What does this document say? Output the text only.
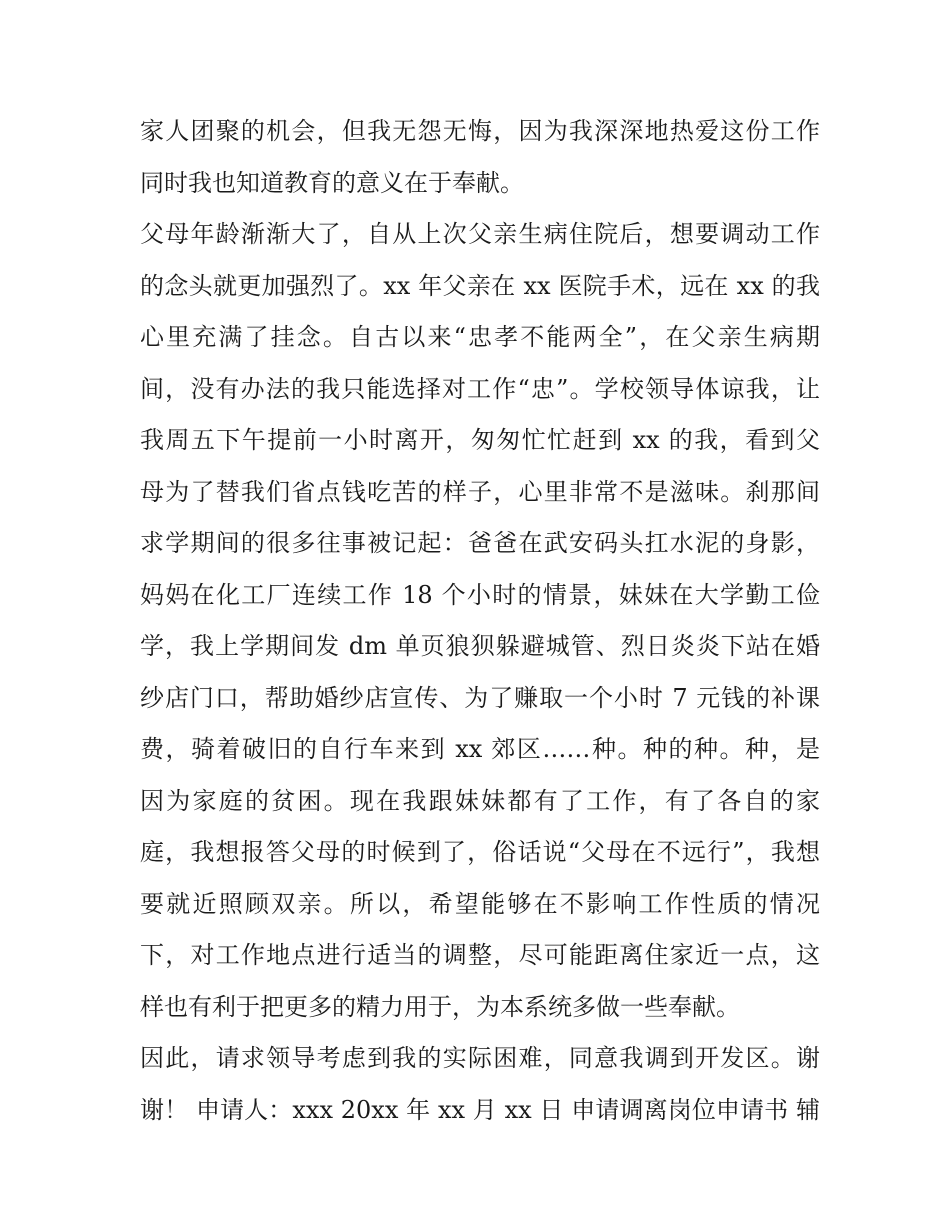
家人团聚的机会，但我无怨无悔，因为我深深地热爱这份工作
同时我也知道教育的意义在于奉献。
父母年龄渐渐大了，自从上次父亲生病住院后，想要调动工作
的念头就更加强烈了。xx 年父亲在 xx 医院手术，远在 xx 的我
心里充满了挂念。自古以来“忠孝不能两全”，在父亲生病期
间，没有办法的我只能选择对工作“忠”。学校领导体谅我，让
我周五下午提前一小时离开，匆匆忙忙赶到 xx 的我，看到父
母为了替我们省点钱吃苦的样子，心里非常不是滋味。刹那间
求学期间的很多往事被记起：爸爸在武安码头扛水泥的身影，
妈妈在化工厂连续工作 18 个小时的情景，妹妹在大学勤工俭
学，我上学期间发 dm 单页狼狈躲避城管、烈日炎炎下站在婚
纱店门口，帮助婚纱店宣传、为了赚取一个小时 7 元钱的补课
费，骑着破旧的自行车来到 xx 郊区……种。种的种。种，是
因为家庭的贫困。现在我跟妹妹都有了工作，有了各自的家
庭，我想报答父母的时候到了，俗话说“父母在不远行”，我想
要就近照顾双亲。所以，希望能够在不影响工作性质的情况
下，对工作地点进行适当的调整，尽可能距离住家近一点，这
样也有利于把更多的精力用于，为本系统多做一些奉献。
因此，请求领导考虑到我的实际困难，同意我调到开发区。谢
谢！ 申请人：xxx 20xx 年 xx 月 xx 日 申请调离岗位申请书 辅
